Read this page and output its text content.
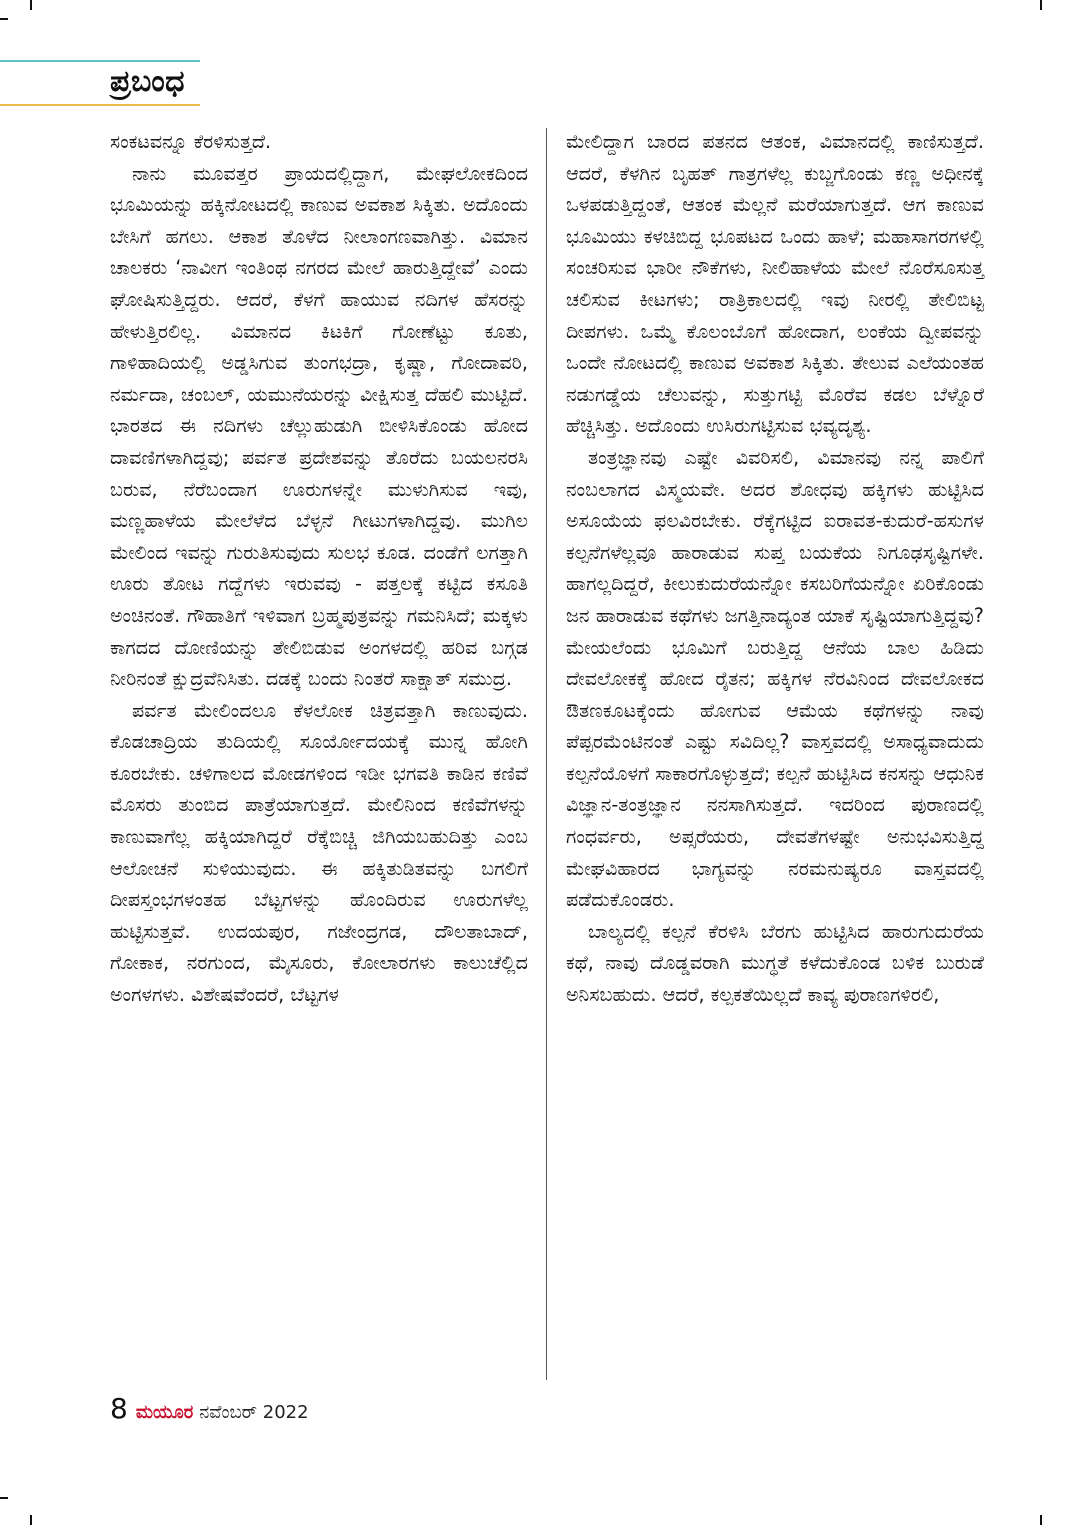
ಪ್ರಬಂಧ

ಸಂಕಟವನ್ನೂ ಕೆರಳಿಸುತ್ತದೆ.

ನಾನು ಮೂವತ್ತರ ಪ್ರಾಯದಲ್ಲಿದ್ದಾಗ, ಮೇಘಲೋಕದಿಂದ ಭೂಮಿಯನ್ನು ಹಕ್ಕಿನೋಟದಲ್ಲಿ ಕಾಣುವ ಅವಕಾಶ ಸಿಕ್ಕಿತು. ಅದೊಂದು ಬೇಸಿಗೆ ಹಗಲು. ಆಕಾಶ ತೊಳೆದ ನೀಲಾಂಗಣವಾಗಿತ್ತು. ವಿಮಾನ ಚಾಲಕರು ‘ನಾವೀಗ ಇಂತಿಂಥ ನಗರದ ಮೇಲೆ ಹಾರುತ್ತಿದ್ದೇವೆ’ ಎಂದು ಘೋಷಿಸುತ್ತಿದ್ದರು. ಆದರೆ, ಕೆಳಗೆ ಹಾಯುವ ನದಿಗಳ ಹೆಸರನ್ನು ಹೇಳುತ್ತಿರಲಿಲ್ಲ. ವಿಮಾನದ ಕಿಟಕಿಗೆ ಗೋಣೆಟ್ಟು ಕೂತು, ಗಾಳಿಹಾದಿಯಲ್ಲಿ ಅಡ್ಡಸಿಗುವ ತುಂಗಭದ್ರಾ, ಕೃಷ್ಣಾ, ಗೋದಾವರಿ, ನರ್ಮದಾ, ಚಂಬಲ್, ಯಮುನೆಯರನ್ನು ವೀಕ್ಷಿಸುತ್ತ ದೆಹಲಿ ಮುಟ್ಟಿದೆ. ಭಾರತದ ಈ ನದಿಗಳು ಚೆಲ್ಲುಹುಡುಗಿ ಬೀಳಿಸಿಕೊಂಡು ಹೋದ ದಾವಣಿಗಳಾಗಿದ್ದವು; ಪರ್ವತ ಪ್ರದೇಶವನ್ನು ತೊರೆದು ಬಯಲನರಸಿ ಬರುವ, ನೆರೆಬಂದಾಗ ಊರುಗಳನ್ನೇ ಮುಳುಗಿಸುವ ಇವು, ಮಣ್ಣಹಾಳೆಯ ಮೇಲೆಳೆದ ಬೆಳ್ಳನೆ ಗೀಟುಗಳಾಗಿದ್ದವು. ಮುಗಿಲ ಮೇಲಿಂದ ಇವನ್ನು ಗುರುತಿಸುವುದು ಸುಲಭ ಕೂಡ. ದಂಡೆಗೆ ಲಗತ್ತಾಗಿ ಊರು ತೋಟ ಗದ್ದೆಗಳು ಇರುವವು - ಪತ್ತಲಕ್ಕೆ ಕಟ್ಟಿದ ಕಸೂತಿ ಅಂಚಿನಂತೆ. ಗೌಹಾತಿಗೆ ಇಳಿವಾಗ ಬ್ರಹ್ಮಪುತ್ರವನ್ನು ಗಮನಿಸಿದೆ; ಮಕ್ಕಳು ಕಾಗದದ ದೋಣಿಯನ್ನು ತೇಲಿಬಿಡುವ ಅಂಗಳದಲ್ಲಿ ಹರಿವ ಬಗ್ಗಡ ನೀರಿನಂತೆ ಕ್ಷುದ್ರವೆನಿಸಿತು. ದಡಕ್ಕೆ ಬಂದು ನಿಂತರೆ ಸಾಕ್ಷಾತ್ ಸಮುದ್ರ.

ಪರ್ವತ ಮೇಲಿಂದಲೂ ಕೆಳಲೋಕ ಚಿತ್ರವತ್ತಾಗಿ ಕಾಣುವುದು. ಕೊಡಚಾದ್ರಿಯ ತುದಿಯಲ್ಲಿ ಸೂರ್ಯೋದಯಕ್ಕೆ ಮುನ್ನ ಹೋಗಿ ಕೂರಬೇಕು. ಚಳಿಗಾಲದ ಮೋಡಗಳಿಂದ ಇಡೀ ಭಗವತಿ ಕಾಡಿನ ಕಣಿವೆ ಮೊಸರು ತುಂಬಿದ ಪಾತ್ರೆಯಾಗುತ್ತದೆ. ಮೇಲಿನಿಂದ ಕಣಿವೆಗಳನ್ನು ಕಾಣುವಾಗೆಲ್ಲ ಹಕ್ಕಿಯಾಗಿದ್ದರೆ ರೆಕ್ಕೆಬಿಚ್ಚಿ ಜಿಗಿಯಬಹುದಿತ್ತು ಎಂಬ ಆಲೋಚನೆ ಸುಳಿಯುವುದು. ಈ ಹಕ್ಕಿತುಡಿತವನ್ನು ಬಗಲಿಗೆ ದೀಪಸ್ತಂಭಗಳಂತಹ ಬೆಟ್ಟಗಳನ್ನು ಹೊಂದಿರುವ ಊರುಗಳೆಲ್ಲ ಹುಟ್ಟಿಸುತ್ತವೆ. ಉದಯಪುರ, ಗಜೇಂದ್ರಗಡ, ದೌಲತಾಬಾದ್, ಗೋಕಾಕ, ನರಗುಂದ, ಮೈಸೂರು, ಕೋಲಾರಗಳು ಕಾಲುಚೆಲ್ಲಿದ ಅಂಗಳಗಳು. ವಿಶೇಷವೆಂದರೆ, ಬೆಟ್ಟಗಳ

ಮೇಲಿದ್ದಾಗ ಬಾರದ ಪತನದ ಆತಂಕ, ವಿಮಾನದಲ್ಲಿ ಕಾಣಿಸುತ್ತದೆ. ಆದರೆ, ಕೆಳಗಿನ ಬೃಹತ್ ಗಾತ್ರಗಳೆಲ್ಲ ಕುಬ್ಜಗೊಂಡು ಕಣ್ಣ ಅಧೀನಕ್ಕೆ ಒಳಪಡುತ್ತಿದ್ದಂತೆ, ಆತಂಕ ಮೆಲ್ಲನೆ ಮರೆಯಾಗುತ್ತದೆ. ಆಗ ಕಾಣುವ ಭೂಮಿಯು ಕಳಚಿಬಿದ್ದ ಭೂಪಟದ ಒಂದು ಹಾಳೆ; ಮಹಾಸಾಗರಗಳಲ್ಲಿ ಸಂಚರಿಸುವ ಭಾರೀ ನೌಕೆಗಳು, ನೀಲಿಹಾಳೆಯ ಮೇಲೆ ನೊರೆಸೂಸುತ್ತ ಚಲಿಸುವ ಕೀಟಗಳು; ರಾತ್ರಿಕಾಲದಲ್ಲಿ ಇವು ನೀರಲ್ಲಿ ತೇಲಿಬಿಟ್ಟ ದೀಪಗಳು. ಒಮ್ಮೆ ಕೊಲಂಬೊಗೆ ಹೋದಾಗ, ಲಂಕೆಯ ದ್ವೀಪವನ್ನು ಒಂದೇ ನೋಟದಲ್ಲಿ ಕಾಣುವ ಅವಕಾಶ ಸಿಕ್ಕಿತು. ತೇಲುವ ಎಲೆಯಂತಹ ನಡುಗಡ್ಡೆಯ ಚೆಲುವನ್ನು, ಸುತ್ತುಗಟ್ಟಿ ಮೊರೆವ ಕಡಲ ಬೆಳ್ನೊರೆ ಹೆಚ್ಚಿಸಿತ್ತು. ಅದೊಂದು ಉಸಿರುಗಟ್ಟಿಸುವ ಭವ್ಯದೃಶ್ಯ.

ತಂತ್ರಜ್ಞಾನವು ಎಷ್ಟೇ ವಿವರಿಸಲಿ, ವಿಮಾನವು ನನ್ನ ಪಾಲಿಗೆ ನಂಬಲಾಗದ ವಿಸ್ಮಯವೇ. ಅದರ ಶೋಧವು ಹಕ್ಕಿಗಳು ಹುಟ್ಟಿಸಿದ ಅಸೂಯೆಯ ಫಲವಿರಬೇಕು. ರೆಕ್ಕೆಗಟ್ಟಿದ ಐರಾವತ-ಕುದುರೆ-ಹಸುಗಳ ಕಲ್ಪನೆಗಳೆಲ್ಲವೂ ಹಾರಾಡುವ ಸುಪ್ತ ಬಯಕೆಯ ನಿಗೂಢಸೃಷ್ಟಿಗಳೇ. ಹಾಗಲ್ಲದಿದ್ದರೆ, ಕೀಲುಕುದುರೆಯನ್ನೋ ಕಸಬರಿಗೆಯನ್ನೋ ಏರಿಕೊಂಡು ಜನ ಹಾರಾಡುವ ಕಥೆಗಳು ಜಗತ್ತಿನಾದ್ಯಂತ ಯಾಕೆ ಸೃಷ್ಟಿಯಾಗುತ್ತಿದ್ದವು? ಮೇಯಲೆಂದು ಭೂಮಿಗೆ ಬರುತ್ತಿದ್ದ ಆನೆಯ ಬಾಲ ಹಿಡಿದು ದೇವಲೋಕಕ್ಕೆ ಹೋದ ರೈತನ; ಹಕ್ಕಿಗಳ ನೆರವಿನಿಂದ ದೇವಲೋಕದ ಔತಣಕೂಟಕ್ಕೆಂದು ಹೋಗುವ ಆಮೆಯ ಕಥೆಗಳನ್ನು ನಾವು ಪೆಪ್ಪರಮೆಂಟಿನಂತೆ ಎಷ್ಟು ಸವಿದಿಲ್ಲ? ವಾಸ್ತವದಲ್ಲಿ ಅಸಾಧ್ಯವಾದುದು ಕಲ್ಪನೆಯೊಳಗೆ ಸಾಕಾರಗೊಳ್ಳುತ್ತದೆ; ಕಲ್ಪನೆ ಹುಟ್ಟಿಸಿದ ಕನಸನ್ನು ಆಧುನಿಕ ವಿಜ್ಞಾನ-ತಂತ್ರಜ್ಞಾನ ನನಸಾಗಿಸುತ್ತದೆ. ಇದರಿಂದ ಪುರಾಣದಲ್ಲಿ ಗಂಧರ್ವರು, ಅಪ್ಸರೆಯರು, ದೇವತೆಗಳಷ್ಟೇ ಅನುಭವಿಸುತ್ತಿದ್ದ ಮೇಘವಿಹಾರದ ಭಾಗ್ಯವನ್ನು ನರಮನುಷ್ಯರೂ ವಾಸ್ತವದಲ್ಲಿ ಪಡೆದುಕೊಂಡರು.

ಬಾಲ್ಯದಲ್ಲಿ ಕಲ್ಪನೆ ಕೆರಳಿಸಿ ಬೆರಗು ಹುಟ್ಟಿಸಿದ ಹಾರುಗುದುರೆಯ ಕಥೆ, ನಾವು ದೊಡ್ಡವರಾಗಿ ಮುಗ್ಧತೆ ಕಳೆದುಕೊಂಡ ಬಳಿಕ ಬುರುಡೆ ಅನಿಸಬಹುದು. ಆದರೆ, ಕಲ್ಪಕತೆಯಿಲ್ಲದೆ ಕಾವ್ಯ ಪುರಾಣಗಳಿರಲಿ,

8 ಮಯೂರ ನವೆಂಬರ್ 2022
